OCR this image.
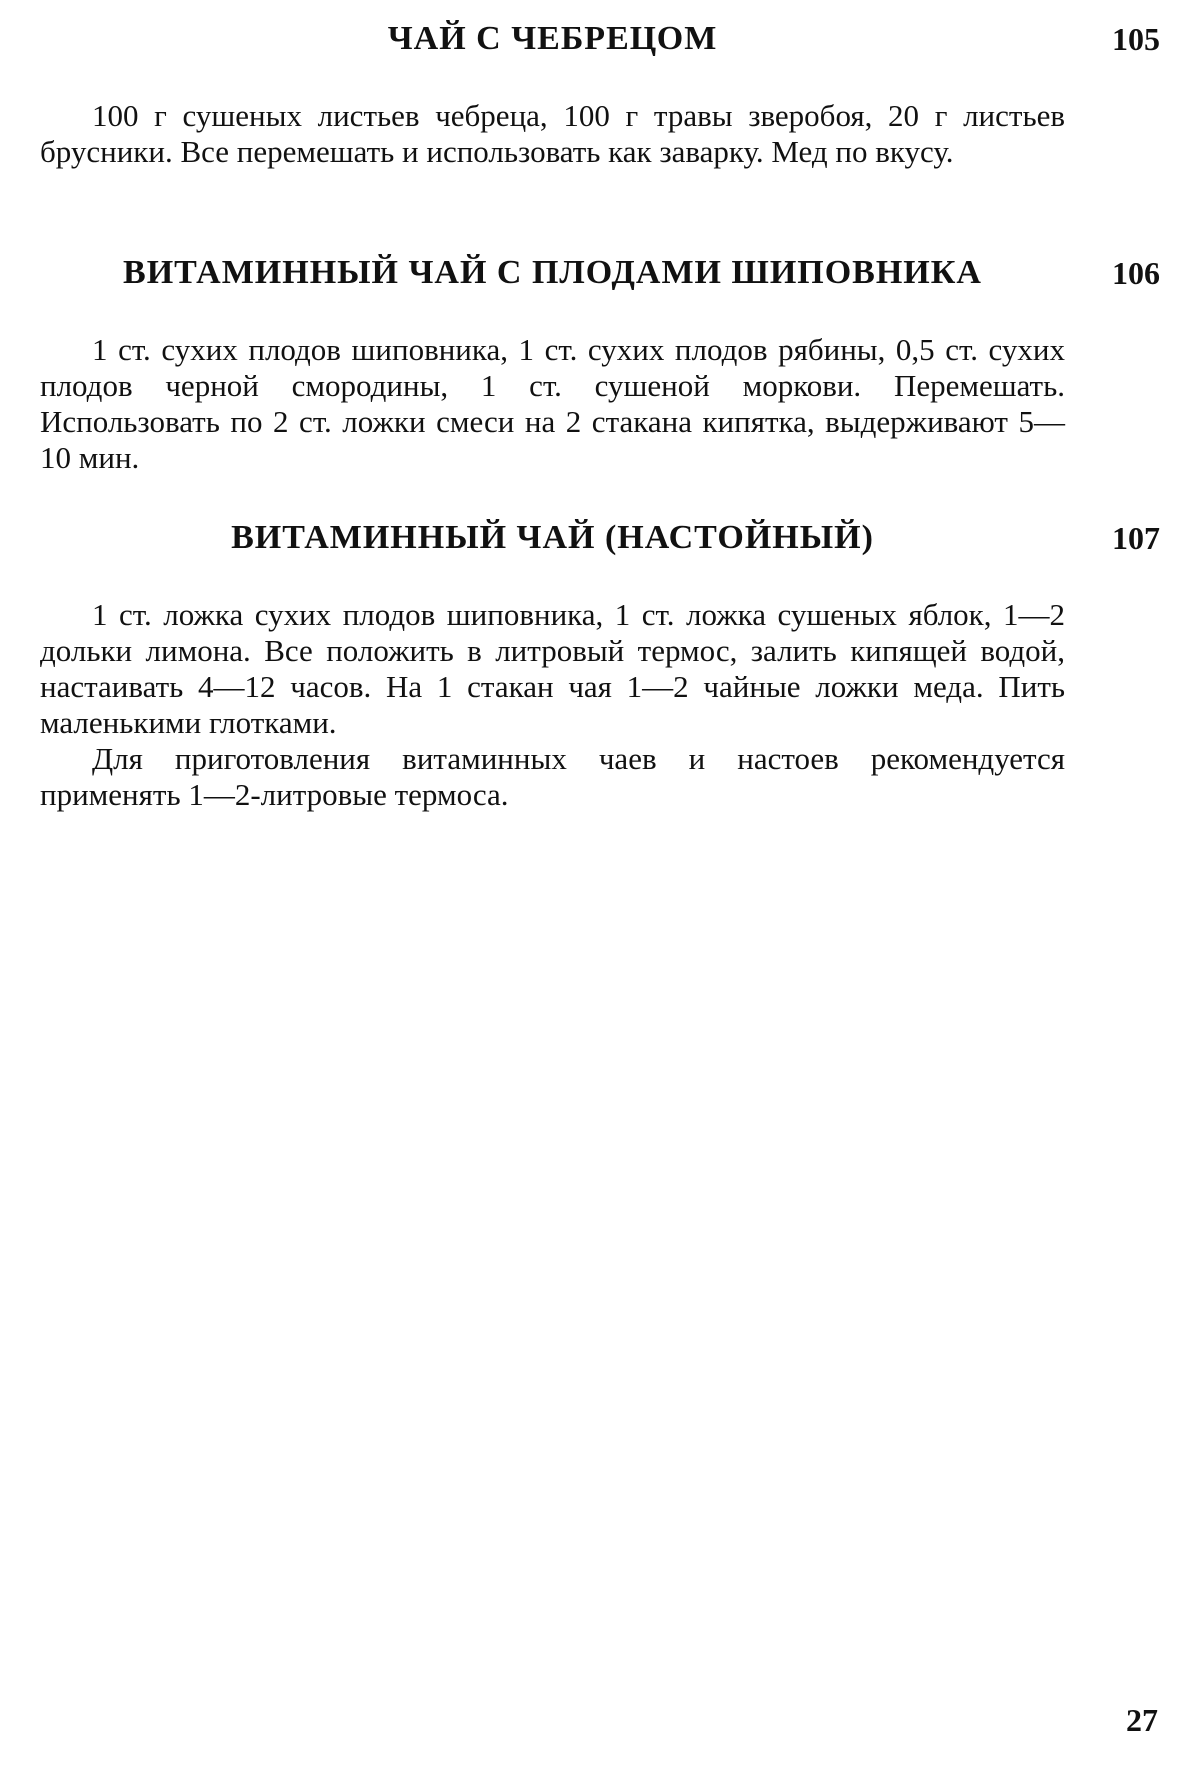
ЧАЙ С ЧЕБРЕЦОМ	105

100 г сушеных листьев чебреца, 100 г травы зверобоя, 20 г листьев брусники. Все перемешать и использовать как заварку. Мед по вкусу.

ВИТАМИННЫЙ ЧАЙ С ПЛОДАМИ ШИПОВНИКА	106

1 ст. сухих плодов шиповника, 1 ст. сухих плодов рябины, 0,5 ст. сухих плодов черной смородины, 1 ст. сушеной моркови. Перемешать. Использовать по 2 ст. ложки смеси на 2 стакана кипятка, выдерживают 5—10 мин.

ВИТАМИННЫЙ ЧАЙ (НАСТОЙНЫЙ)	107

1 ст. ложка сухих плодов шиповника, 1 ст. ложка сушеных яблок, 1—2 дольки лимона. Все положить в литровый термос, залить кипящей водой, настаивать 4—12 часов. На 1 стакан чая 1—2 чайные ложки меда. Пить маленькими глотками.

Для приготовления витаминных чаев и настоев рекомендуется применять 1—2-литровые термоса.

27
